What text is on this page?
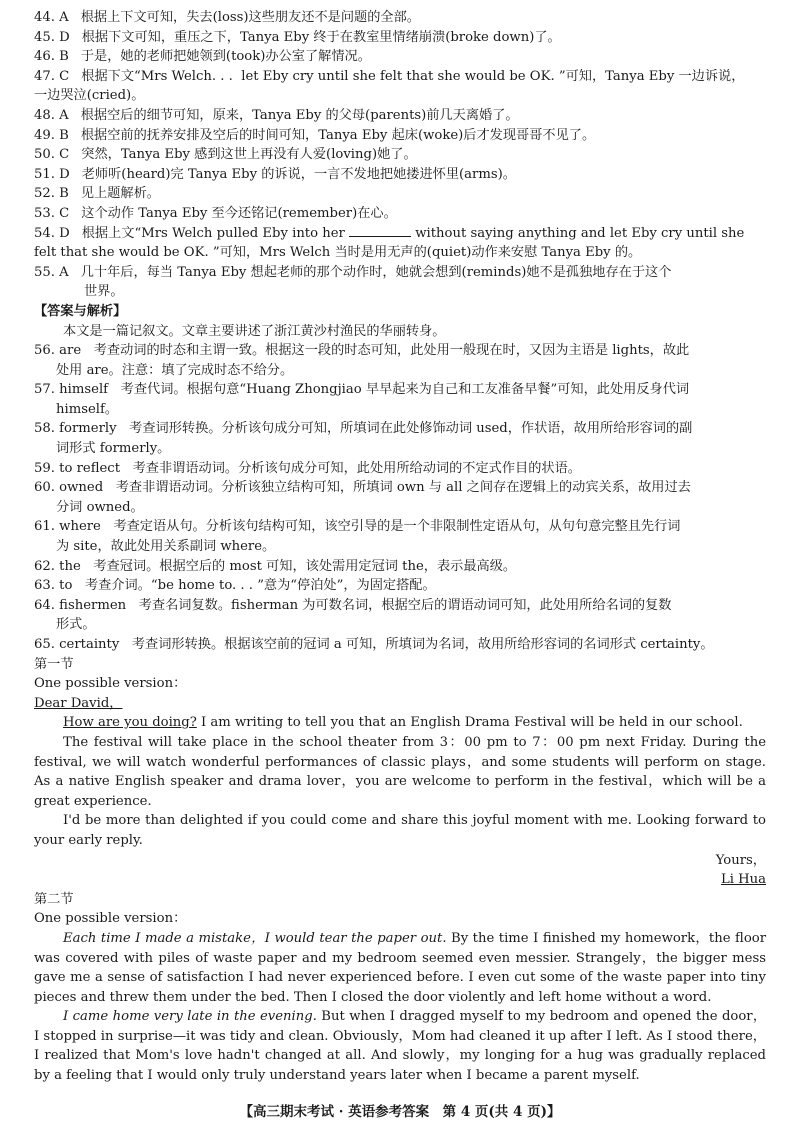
44. A 根据上下文可知，失去(loss)这些朋友还不是问题的全部。
45. D 根据下文可知，重压之下，Tanya Eby 终于在教室里情绪崩溃(broke down)了。
46. B 于是，她的老师把她领到(took)办公室了解情况。
47. C 根据下文“Mrs Welch. . .  let Eby cry until she felt that she would be OK. ”可知，Tanya Eby 一边诉说，
一边哭泣(cried)。
48. A 根据空后的细节可知，原来，Tanya Eby 的父母(parents)前几天离婚了。
49. B 根据空前的抚养安排及空后的时间可知，Tanya Eby 起床(woke)后才发现哥哥不见了。
50. C 突然，Tanya Eby 感到这世上再没有人爱(loving)她了。
51. D 老师听(heard)完 Tanya Eby 的诉说，一言不发地把她搂进怀里(arms)。
52. B 见上题解析。
53. C 这个动作 Tanya Eby 至今还铭记(remember)在心。
54. D 根据上文“Mrs Welch pulled Eby into her	without saying anything and let Eby cry until she
felt that she would be OK. ”可知，Mrs Welch 当时是用无声的(quiet)动作来安慰 Tanya Eby 的。
55. A 几十年后，每当 Tanya Eby 想起老师的那个动作时，她就会想到(reminds)她不是孤独地存在于这个
世界。
【答案与解析】
本文是一篇记叙文。文章主要讲述了浙江黄沙村渔民的华丽转身。
56. are 考查动词的时态和主谓一致。根据这一段的时态可知，此处用一般现在时，又因为主语是 lights，故此
处用 are。注意：填了完成时态不给分。
57. himself 考查代词。根据句意“Huang Zhongjiao 早早起来为自己和工友准备早餐”可知，此处用反身代词
himself。
58. formerly 考查词形转换。分析该句成分可知，所填词在此处修饰动词 used，作状语，故用所给形容词的副
词形式 formerly。
59. to reflect 考查非谓语动词。分析该句成分可知，此处用所给动词的不定式作目的状语。
60. owned 考查非谓语动词。分析该独立结构可知，所填词 own 与 all 之间存在逻辑上的动宾关系，故用过去
分词 owned。
61. where 考查定语从句。分析该句结构可知，该空引导的是一个非限制性定语从句，从句句意完整且先行词
为 site，故此处用关系副词 where。
62. the 考查冠词。根据空后的 most 可知，该处需用定冠词 the，表示最高级。
63. to 考查介词。“be home to. . . ”意为“停泊处”，为固定搭配。
64. fishermen 考查名词复数。fisherman 为可数名词，根据空后的谓语动词可知，此处用所给名词的复数
形式。
65. certainty 考查词形转换。根据该空前的冠词 a 可知，所填词为名词，故用所给形容词的名词形式 certainty。
第一节
One possible version：
Dear David，
How are you doing? I am writing to tell you that an English Drama Festival will be held in our school.
The festival will take place in the school theater from 3：00 pm to 7：00 pm next Friday. During the festival, we will watch wonderful performances of classic plays，and some students will perform on stage. As a native English speaker and drama lover，you are welcome to perform in the festival，which will be a great experience.
I'd be more than delighted if you could come and share this joyful moment with me. Looking forward to your early reply.
Yours，
Li Hua
第二节
One possible version：
Each time I made a mistake，I would tear the paper out. By the time I finished my homework，the floor was covered with piles of waste paper and my bedroom seemed even messier. Strangely，the bigger mess gave me a sense of satisfaction I had never experienced before. I even cut some of the waste paper into tiny pieces and threw them under the bed. Then I closed the door violently and left home without a word.
I came home very late in the evening. But when I dragged myself to my bedroom and opened the door，I stopped in surprise—it was tidy and clean. Obviously，Mom had cleaned it up after I left. As I stood there，I realized that Mom's love hadn't changed at all. And slowly，my longing for a hug was gradually replaced by a feeling that I would only truly understand years later when I became a parent myself.
【高三期末考试 · 英语参考答案　第 4 页(共 4 页)】
